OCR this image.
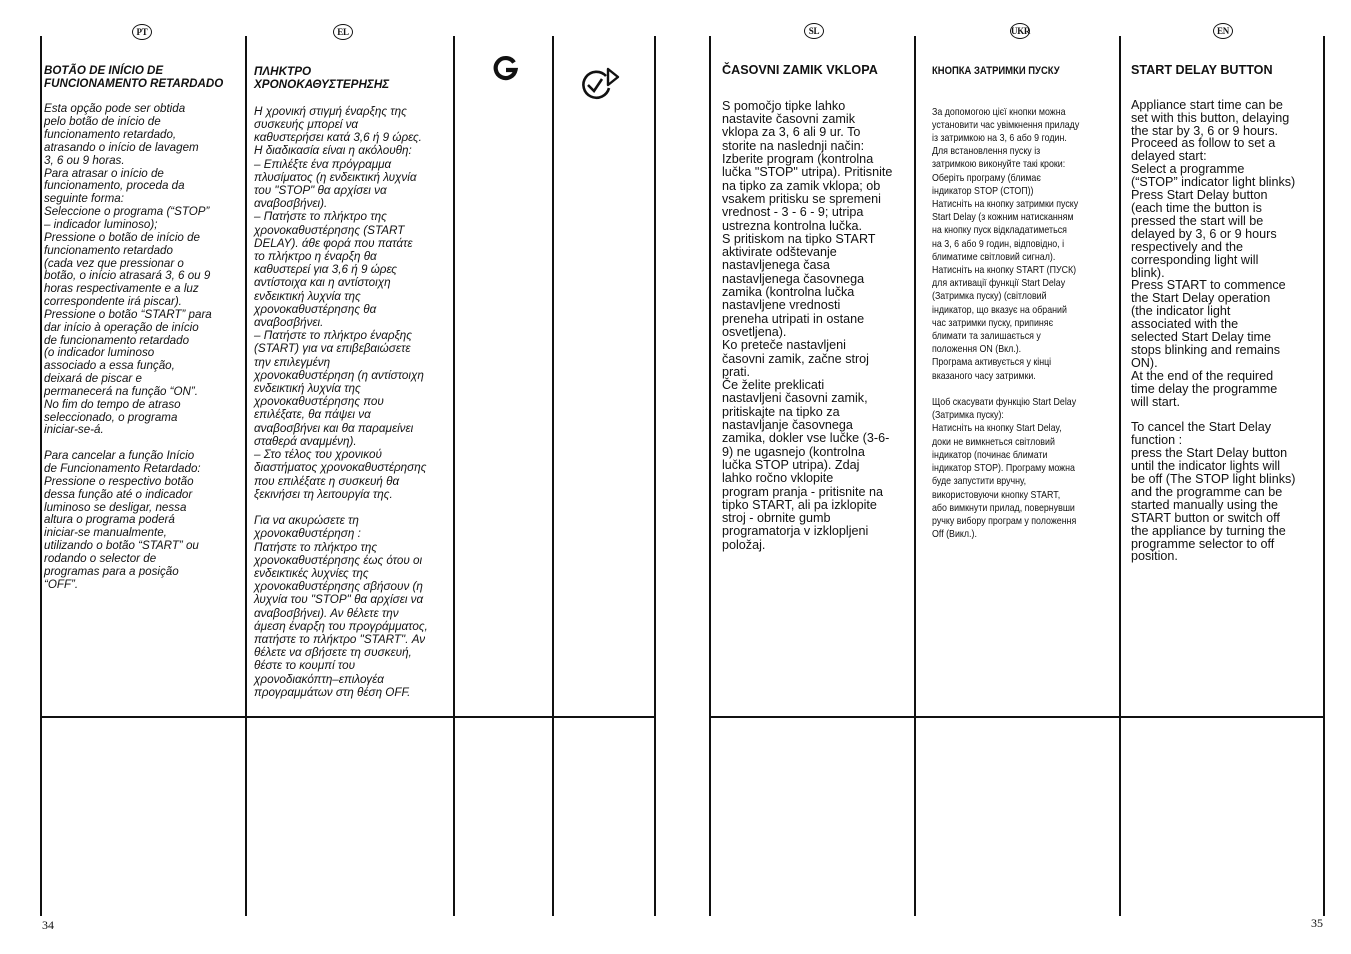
PT	EL	SL	UKR	EN

BOTÃO DE INÍCIO DE
FUNCIONAMENTO RETARDADO

Esta opção pode ser obtida
pelo botão de início de
funcionamento retardado,
atrasando o início de lavagem
3, 6 ou 9 horas.
Para atrasar o início de
funcionamento, proceda da
seguinte forma:
Seleccione o programa (“STOP”
– indicador luminoso);
Pressione o botão de início de
funcionamento retardado
(cada vez que pressionar o
botão, o início atrasará 3, 6 ou 9
horas respectivamente e a luz
correspondente irá piscar).
Pressione o botão “START” para
dar início à operação de início
de funcionamento retardado
(o indicador luminoso
associado a essa função,
deixará de piscar e
permanecerá na função “ON”.
No fim do tempo de atraso
seleccionado, o programa
iniciar-se-á.

Para cancelar a função Início
de Funcionamento Retardado:
Pressione o respectivo botão
dessa função até o indicador
luminoso se desligar, nessa
altura o programa poderá
iniciar-se manualmente,
utilizando o botão “START” ou
rodando o selector de
programas para a posição
“OFF”.

ΠΛΗΚΤΡΟ
ΧΡΟΝΟΚΑΘΥΣΤΕΡΗΣΗΣ

Η χρονική στιγμή έναρξης της
συσκευής μπορεί να
καθυστερήσει κατά 3,6 ή 9 ώρες.
Η διαδικασία είναι η ακόλουθη:
– Επιλέξτε ένα πρόγραμμα
πλυσίματος (η ενδεικτική λυχνία
του "STOP" θα αρχίσει να
αναβοσβήνει).
– Πατήστε το πλήκτρο της
χρονοκαθυστέρησης (START
DELAY). άθε φορά που πατάτε
το πλήκτρο η έναρξη θα
καθυστερεί για 3,6 ή 9 ώρες
αντίστοιχα και η αντίστοιχη
ενδεικτική λυχνία της
χρονοκαθυστέρησης θα
αναβοσβήνει.
– Πατήστε το πλήκτρο έναρξης
(START) για να επιβεβαιώσετε
την επιλεγμένη
χρονοκαθυστέρηση (η αντίστοιχη
ενδεικτική λυχνία της
χρονοκαθυστέρησης που
επιλέξατε, θα πάψει να
αναβοσβήνει και θα παραμείνει
σταθερά αναμμένη).
– Στο τέλος του χρονικού
διαστήματος χρονοκαθυστέρησης
που επιλέξατε η συσκευή θα
ξεκινήσει τη λειτουργία της.

Για να ακυρώσετε τη
χρονοκαθυστέρηση :
Πατήστε το πλήκτρο της
χρονοκαθυστέρησης έως ότου οι
ενδεικτικές λυχνίες της
χρονοκαθυστέρησης σβήσουν (η
λυχνία του "STOP" θα αρχίσει να
αναβοσβήνει). Αν θέλετε την
άμεση έναρξη του προγράμματος,
πατήστε το πλήκτρο "START". Αν
θέλετε να σβήσετε τη συσκευή,
θέστε το κουμπί του
χρονοδιακόπτη–επιλογέα
προγραμμάτων στη θέση OFF.

ČASOVNI ZAMIK VKLOPA

S pomočjo tipke lahko
nastavite časovni zamik
vklopa za 3, 6 ali 9 ur. To
storite na naslednji način:
Izberite program (kontrolna
lučka "STOP" utripa). Pritisnite
na tipko za zamik vklopa; ob
vsakem pritisku se spremeni
vrednost - 3 - 6 - 9; utripa
ustrezna kontrolna lučka.
S pritiskom na tipko START
aktivirate odštevanje
nastavljenega časa
nastavljenega časovnega
zamika (kontrolna lučka
nastavljene vrednosti
preneha utripati in ostane
osvetljena).
Ko preteče nastavljeni
časovni zamik, začne stroj
prati.
Če želite preklicati
nastavljeni časovni zamik,
pritiskajte na tipko za
nastavljanje časovnega
zamika, dokler vse lučke (3-6-
9) ne ugasnejo (kontrolna
lučka STOP utripa). Zdaj
lahko ročno vklopite
program pranja - pritisnite na
tipko START, ali pa izklopite
stroj - obrnite gumb
programatorja v izklopljeni
položaj.

КНОПКА ЗАТРИМКИ ПУСКУ

За допомогою цієї кнопки можна
установити час увімкнення приладу
із затримкою на 3, 6 або 9 годин.
Для встановлення пуску із
затримкою виконуйте такі кроки:
Оберіть програму (блимає
індикатор STOP (СТОП))
Натисніть на кнопку затримки пуску
Start Delay (з кожним натисканням
на кнопку пуск відкладатиметься
на 3, 6 або 9 годин, відповідно, і
блиматиме світловий сигнал).
Натисніть на кнопку START (ПУСК)
для активації функції Start Delay
(Затримка пуску) (світловий
індикатор, що вказує на обраний
час затримки пуску, припиняє
блимати та залишається у
положення ON (Вкл.).
Програма активується у кінці
вказаного часу затримки.

Щоб скасувати функцію Start Delay
(Затримка пуску):
Натисніть на кнопку Start Delay,
доки не вимкнеться світловий
індикатор (починає блимати
індикатор STOP). Програму можна
буде запустити вручну,
використовуючи кнопку START,
або вимкнути прилад, повернувши
ручку вибору програм у положення
Off (Викл.).

START DELAY BUTTON

Appliance start time can be
set with this button, delaying
the star by 3, 6 or 9 hours.
Proceed as follow to set a
delayed start:
Select a programme
(“STOP” indicator light blinks)
Press Start Delay button
(each time the button is
pressed the start will be
delayed by 3, 6 or 9 hours
respectively and the
corresponding light will
blink).
Press START to commence
the Start Delay operation
(the indicator light
associated with the
selected Start Delay time
stops blinking and remains
ON).
At the end of the required
time delay the programme
will start.

To cancel the Start Delay
function :
press the Start Delay button
until the indicator lights will
be off (The STOP light blinks)
and the programme can be
started manually using the
START button or switch off
the appliance by turning the
programme selector to off
position.

34	35
